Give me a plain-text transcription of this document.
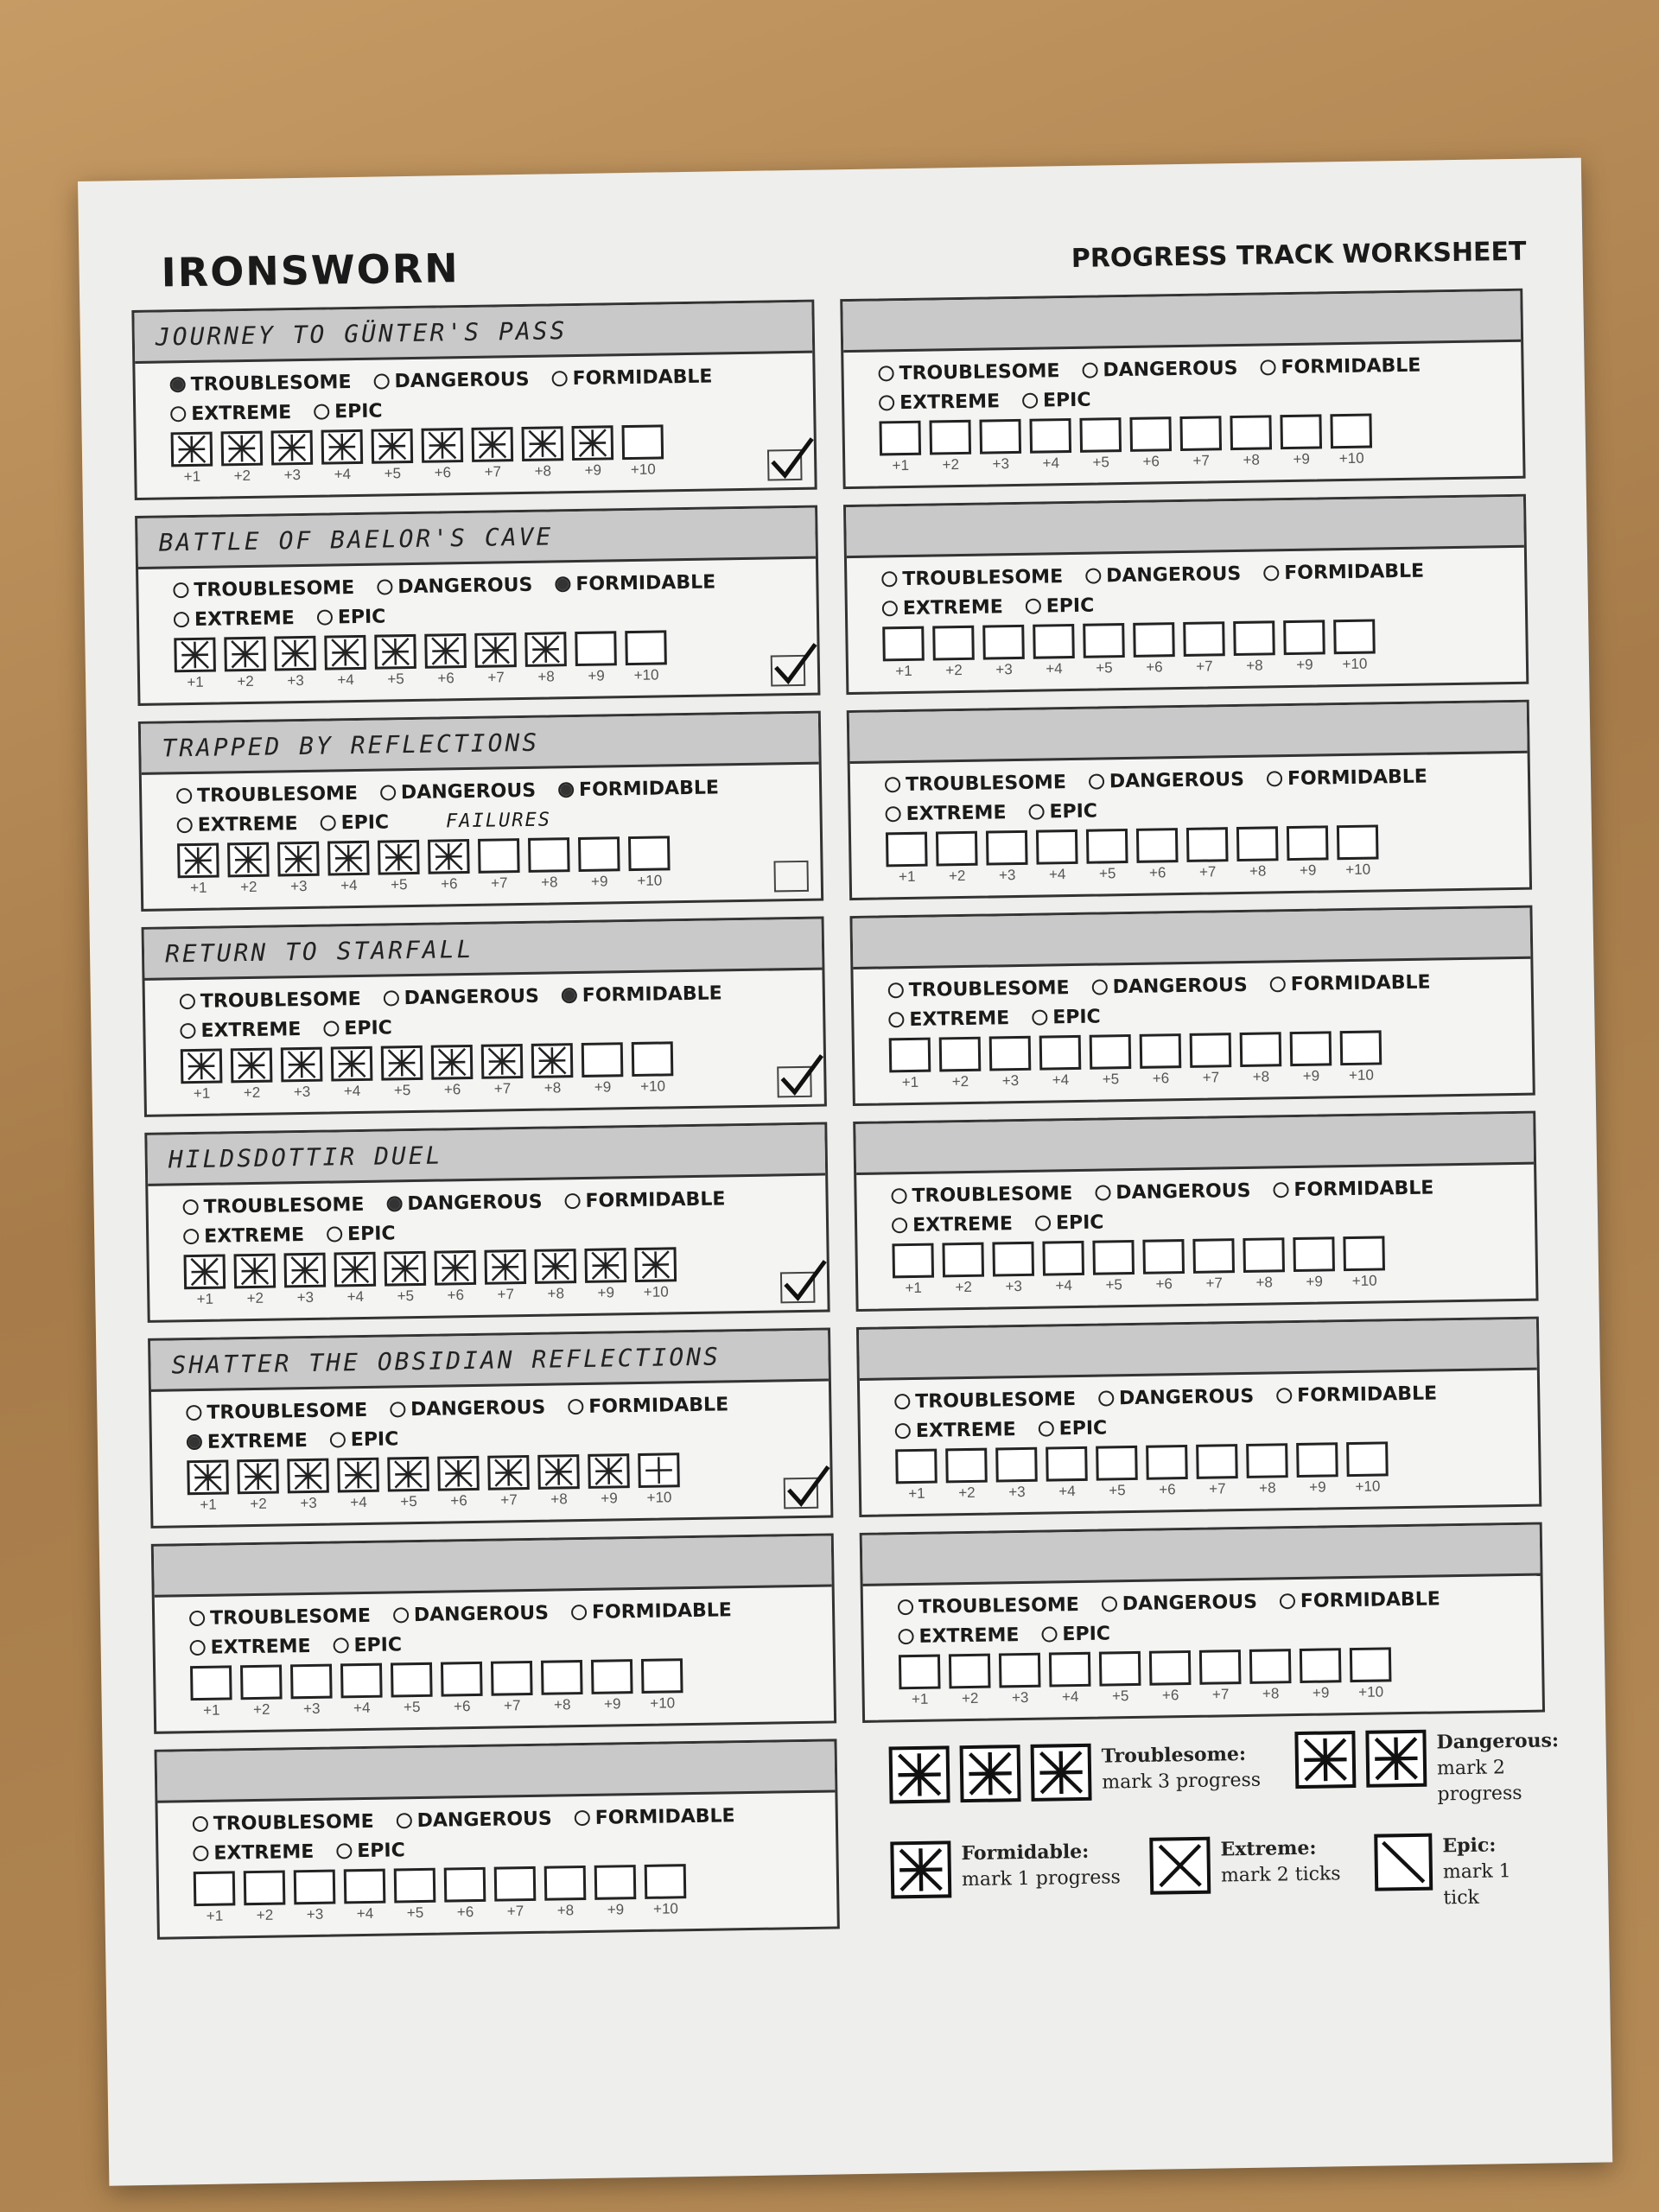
IRONSWORN	PROGRESS TRACK WORKSHEET
JOURNEY TO GÜNTER'S PASS
TROUBLESOME DANGEROUS FORMIDABLE
EXTREME EPIC
+1	+2	+3	+4	+5	+6	+7	+8	+9	+10
TROUBLESOME DANGEROUS FORMIDABLE
EXTREME EPIC
+1	+2	+3	+4	+5	+6	+7	+8	+9	+10
BATTLE OF BAELOR'S CAVE
TROUBLESOME DANGEROUS FORMIDABLE
EXTREME EPIC
+1	+2	+3	+4	+5	+6	+7	+8	+9	+10
TROUBLESOME DANGEROUS FORMIDABLE
EXTREME EPIC
+1	+2	+3	+4	+5	+6	+7	+8	+9	+10
TRAPPED BY REFLECTIONS
TROUBLESOME DANGEROUS FORMIDABLE
EXTREME EPIC	FAILURES
+1	+2	+3	+4	+5	+6	+7	+8	+9	+10
TROUBLESOME DANGEROUS FORMIDABLE
EXTREME EPIC
+1	+2	+3	+4	+5	+6	+7	+8	+9	+10
RETURN TO STARFALL
TROUBLESOME DANGEROUS FORMIDABLE
EXTREME EPIC
+1	+2	+3	+4	+5	+6	+7	+8	+9	+10
TROUBLESOME DANGEROUS FORMIDABLE
EXTREME EPIC
+1	+2	+3	+4	+5	+6	+7	+8	+9	+10
HILDSDOTTIR DUEL
TROUBLESOME DANGEROUS FORMIDABLE
EXTREME EPIC
+1	+2	+3	+4	+5	+6	+7	+8	+9	+10
TROUBLESOME DANGEROUS FORMIDABLE
EXTREME EPIC
+1	+2	+3	+4	+5	+6	+7	+8	+9	+10
SHATTER THE OBSIDIAN REFLECTIONS
TROUBLESOME DANGEROUS FORMIDABLE
EXTREME EPIC
+1	+2	+3	+4	+5	+6	+7	+8	+9	+10
TROUBLESOME DANGEROUS FORMIDABLE
EXTREME EPIC
+1	+2	+3	+4	+5	+6	+7	+8	+9	+10
TROUBLESOME DANGEROUS FORMIDABLE
EXTREME EPIC
+1	+2	+3	+4	+5	+6	+7	+8	+9	+10
TROUBLESOME DANGEROUS FORMIDABLE
EXTREME EPIC
+1	+2	+3	+4	+5	+6	+7	+8	+9	+10
TROUBLESOME DANGEROUS FORMIDABLE
EXTREME EPIC
+1	+2	+3	+4	+5	+6	+7	+8	+9	+10
Troublesome:
mark 3 progress
Dangerous:
mark 2
progress
Formidable:
mark 1 progress
Extreme:
mark 2 ticks
Epic:
mark 1 tick
